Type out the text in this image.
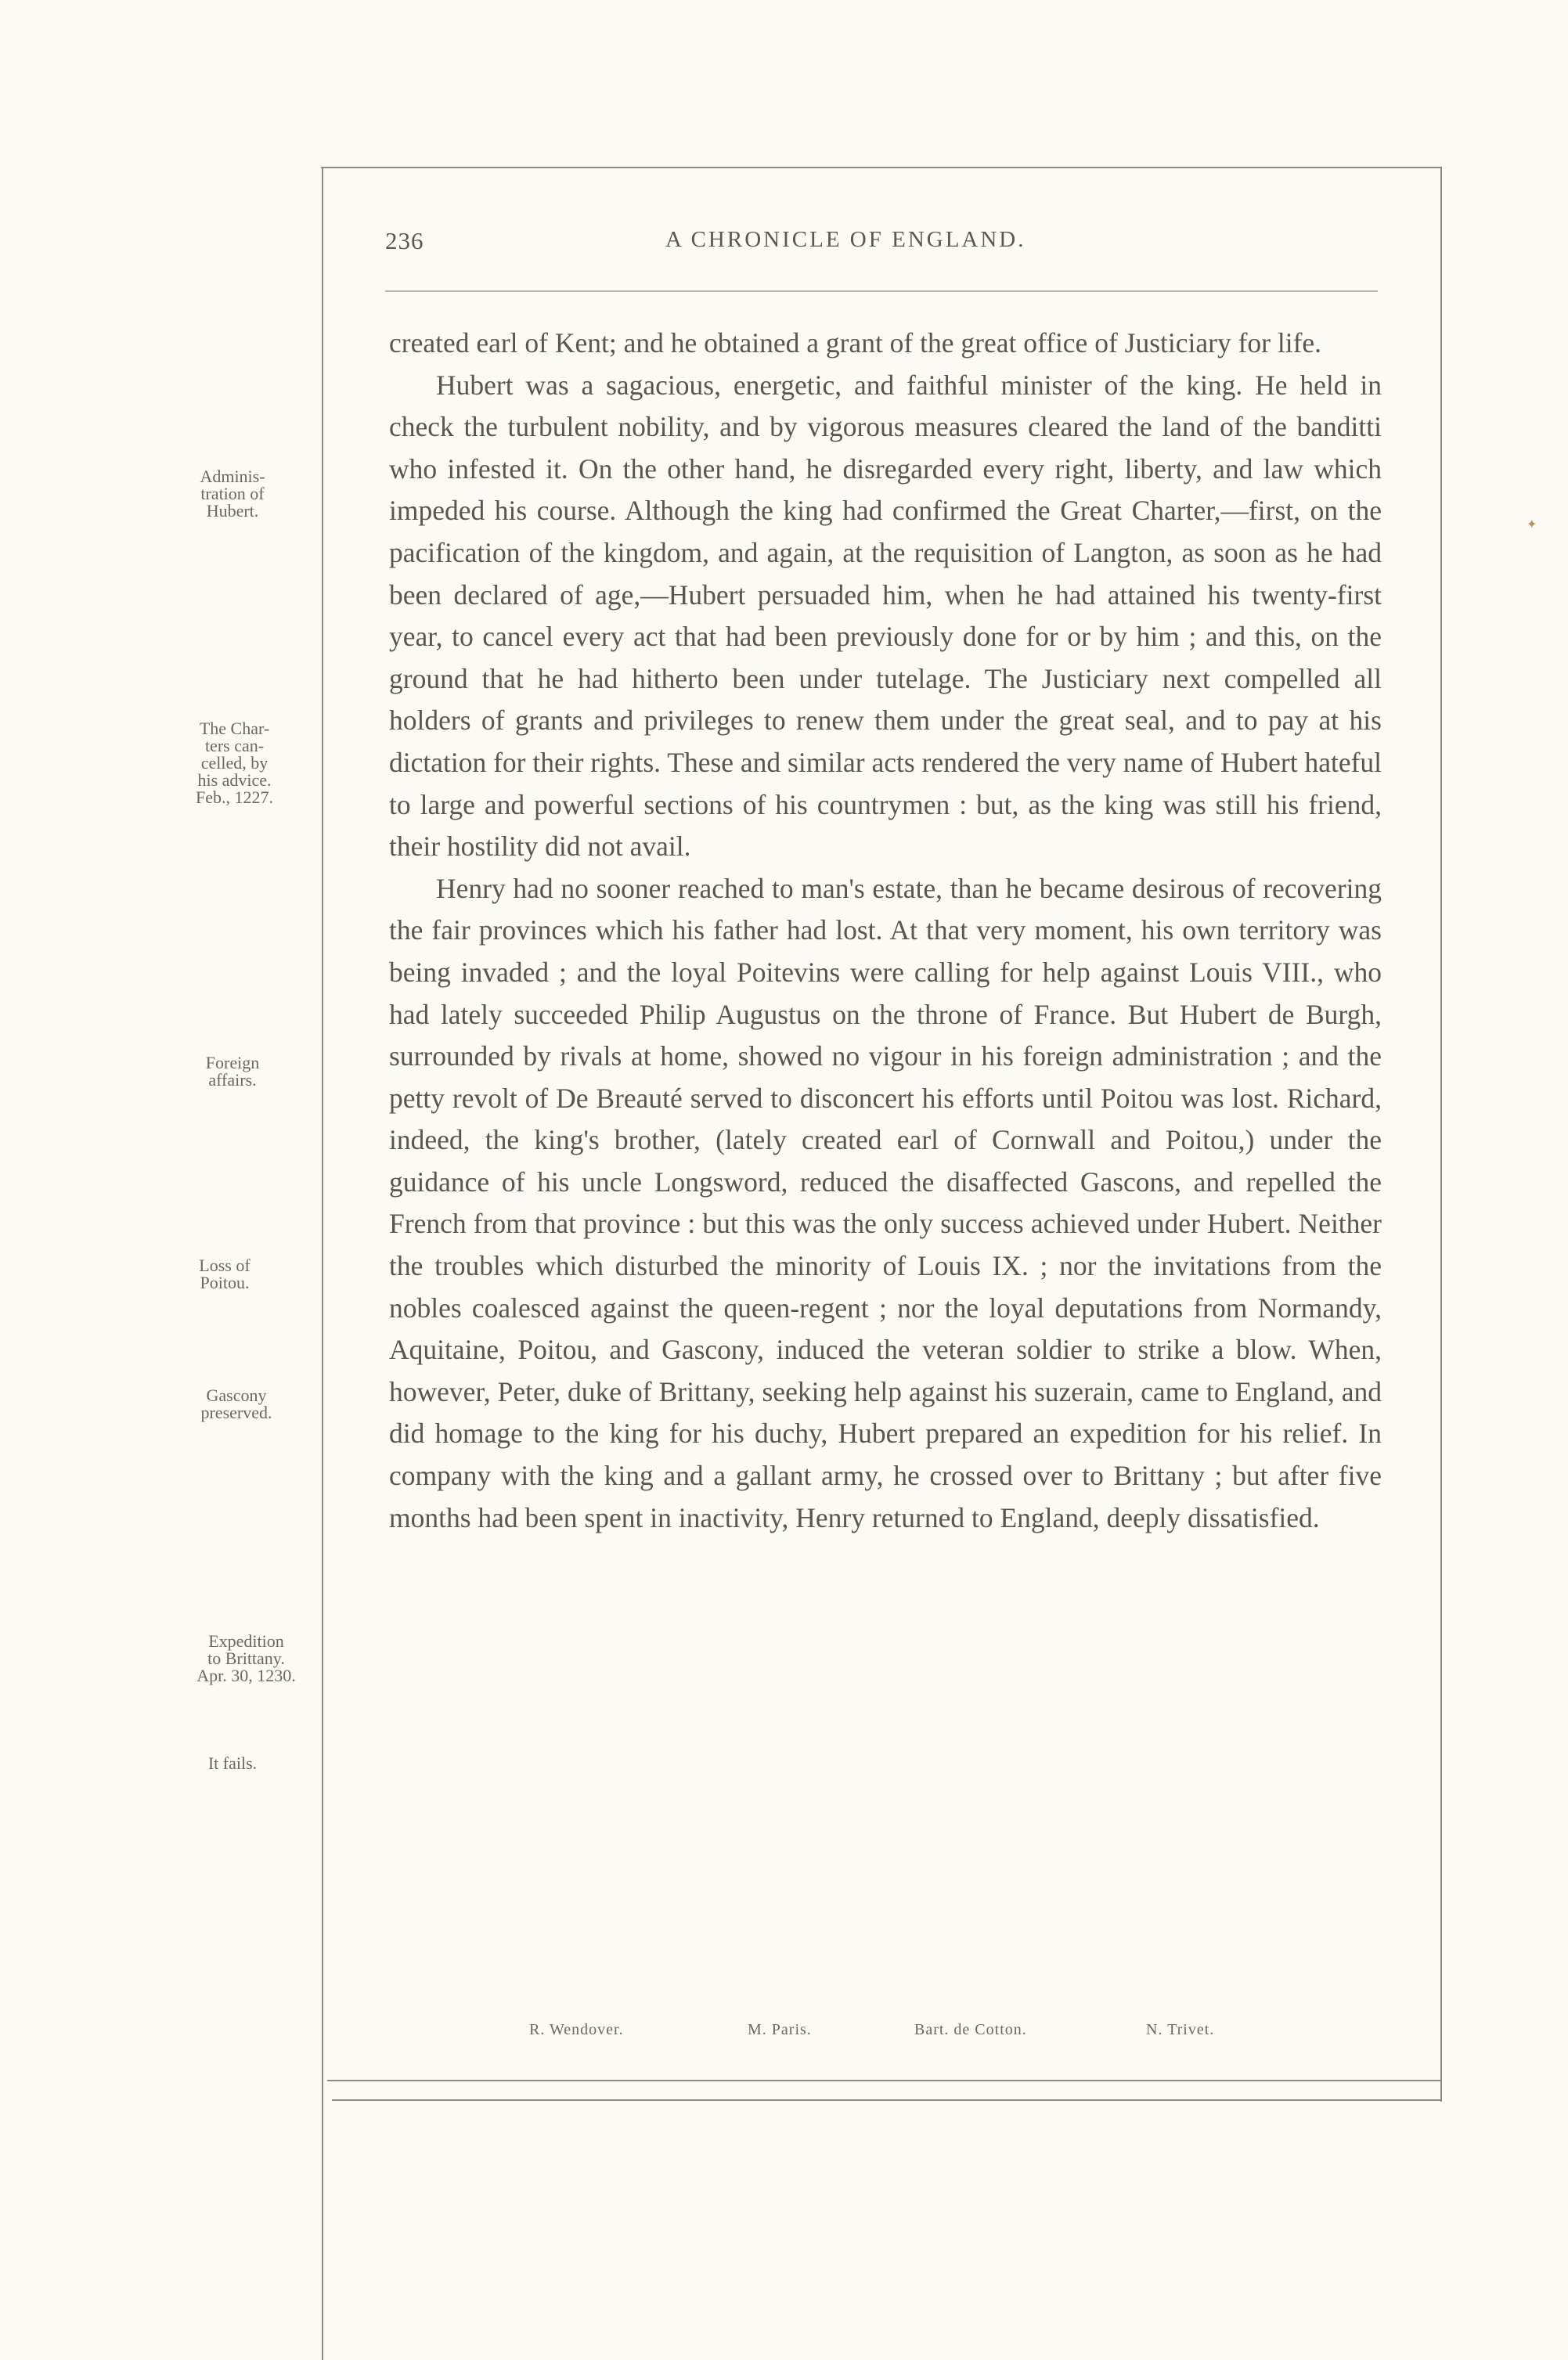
236	A CHRONICLE OF ENGLAND.

Adminis-
tration of
Hubert.
The Char-
ters can-
celled, by
his advice.
Feb., 1227.
Foreign
affairs.
Loss of
Poitou.
Gascony
preserved.
Expedition
to Brittany.
Apr. 30, 1230.
It fails.

created earl of Kent; and he obtained a grant of the great office of Justiciary for life.

Hubert was a sagacious, energetic, and faithful minister of the king. He held in check the turbulent nobility, and by vigorous measures cleared the land of the banditti who infested it. On the other hand, he disregarded every right, liberty, and law which impeded his course. Although the king had confirmed the Great Charter,—first, on the pacification of the kingdom, and again, at the requisition of Langton, as soon as he had been declared of age,—Hubert persuaded him, when he had attained his twenty-first year, to cancel every act that had been previously done for or by him ; and this, on the ground that he had hitherto been under tutelage. The Justiciary next compelled all holders of grants and privileges to renew them under the great seal, and to pay at his dictation for their rights. These and similar acts rendered the very name of Hubert hateful to large and powerful sections of his countrymen : but, as the king was still his friend, their hostility did not avail.

Henry had no sooner reached to man's estate, than he became desirous of recovering the fair provinces which his father had lost. At that very moment, his own territory was being invaded ; and the loyal Poitevins were calling for help against Louis VIII., who had lately succeeded Philip Augustus on the throne of France. But Hubert de Burgh, surrounded by rivals at home, showed no vigour in his foreign administration ; and the petty revolt of De Breauté served to disconcert his efforts until Poitou was lost. Richard, indeed, the king's brother, (lately created earl of Cornwall and Poitou,) under the guidance of his uncle Longsword, reduced the disaffected Gascons, and repelled the French from that province : but this was the only success achieved under Hubert. Neither the troubles which disturbed the minority of Louis IX. ; nor the invitations from the nobles coalesced against the queen-regent ; nor the loyal deputations from Normandy, Aquitaine, Poitou, and Gascony, induced the veteran soldier to strike a blow. When, however, Peter, duke of Brittany, seeking help against his suzerain, came to England, and did homage to the king for his duchy, Hubert prepared an expedition for his relief. In company with the king and a gallant army, he crossed over to Brittany ; but after five months had been spent in inactivity, Henry returned to England, deeply dissatisfied.

R. Wendover.	M. Paris.	Bart. de Cotton.	N. Trivet.
✦
